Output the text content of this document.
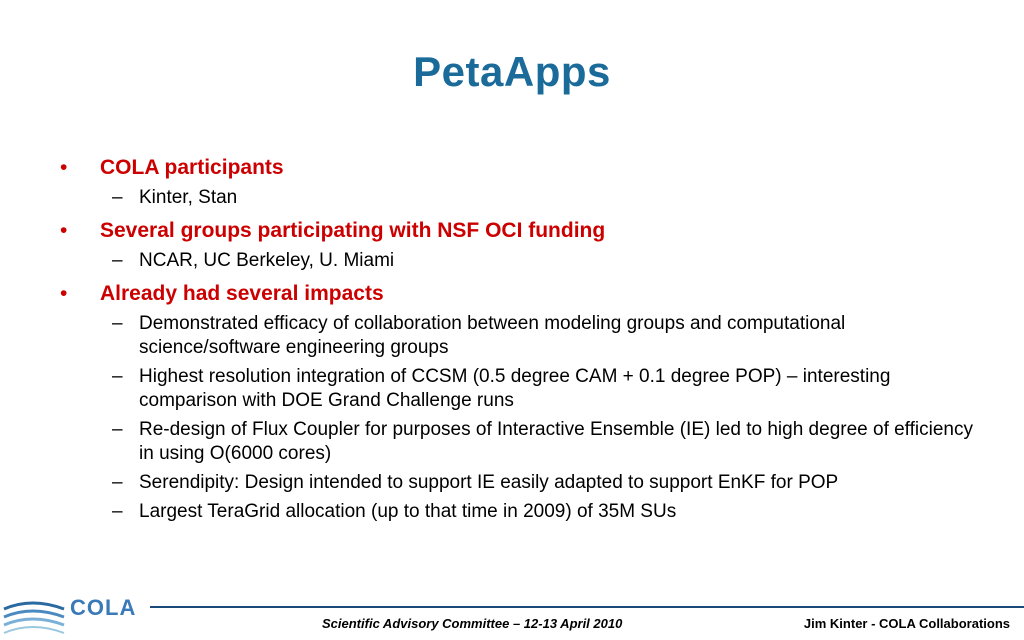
PetaApps
• COLA participants
– Kinter, Stan
• Several groups participating with NSF OCI funding
– NCAR, UC Berkeley, U. Miami
• Already had several impacts
– Demonstrated efficacy of collaboration between modeling groups and computational science/software engineering groups
– Highest resolution integration of CCSM (0.5 degree CAM + 0.1 degree POP) – interesting comparison with DOE Grand Challenge runs
– Re-design of Flux Coupler for purposes of Interactive Ensemble (IE) led to high degree of efficiency in using O(6000 cores)
– Serendipity: Design intended to support IE easily adapted to support EnKF for POP
– Largest TeraGrid allocation (up to that time in 2009) of 35M SUs
COLA
Scientific Advisory Committee – 12-13 April 2010	Jim Kinter - COLA Collaborations
